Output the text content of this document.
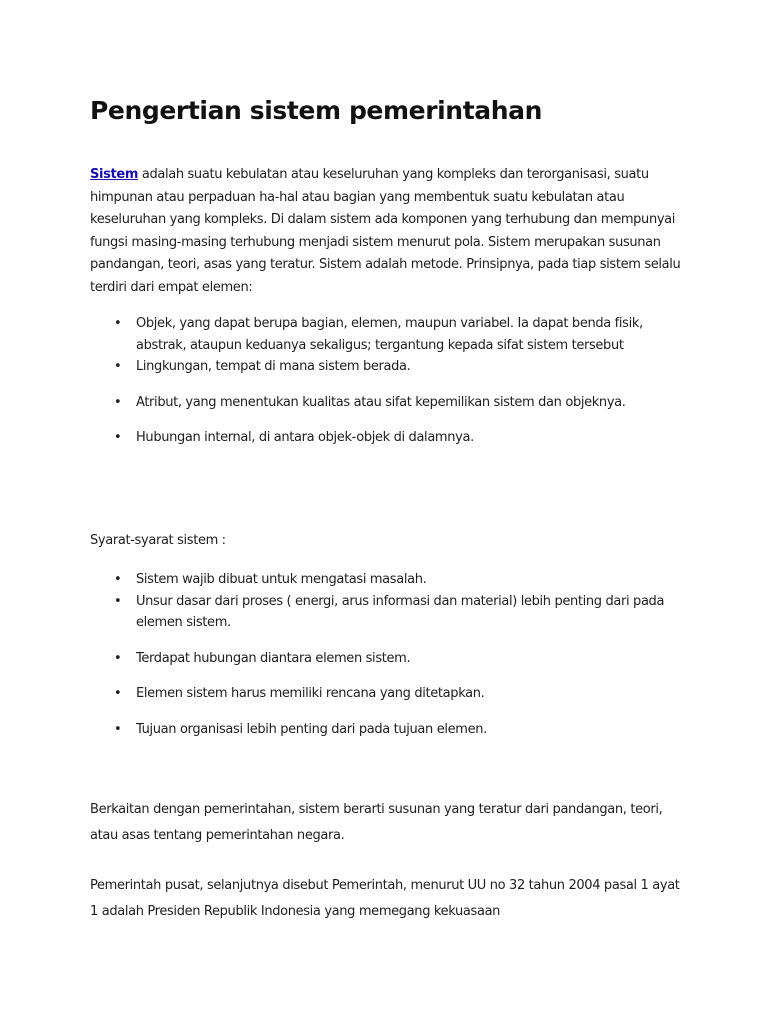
Pengertian sistem pemerintahan

Sistem adalah suatu kebulatan atau keseluruhan yang kompleks dan terorganisasi, suatu himpunan atau perpaduan ha-hal atau bagian yang membentuk suatu kebulatan atau keseluruhan yang kompleks. Di dalam sistem ada komponen yang terhubung dan mempunyai fungsi masing-masing terhubung menjadi sistem menurut pola. Sistem merupakan susunan pandangan, teori, asas yang teratur. Sistem adalah metode. Prinsipnya, pada tiap sistem selalu terdiri dari empat elemen:

• Objek, yang dapat berupa bagian, elemen, maupun variabel. Ia dapat benda fisik, abstrak, ataupun keduanya sekaligus; tergantung kepada sifat sistem tersebut
• Lingkungan, tempat di mana sistem berada.
• Atribut, yang menentukan kualitas atau sifat kepemilikan sistem dan objeknya.
• Hubungan internal, di antara objek-objek di dalamnya.

Syarat-syarat sistem :

• Sistem wajib dibuat untuk mengatasi masalah.
• Unsur dasar dari proses ( energi, arus informasi dan material) lebih penting dari pada elemen sistem.
• Terdapat hubungan diantara elemen sistem.
• Elemen sistem harus memiliki rencana yang ditetapkan.
• Tujuan organisasi lebih penting dari pada tujuan elemen.

Berkaitan dengan pemerintahan, sistem berarti susunan yang teratur dari pandangan, teori, atau asas tentang pemerintahan negara.

Pemerintah pusat, selanjutnya disebut Pemerintah, menurut UU no 32 tahun 2004 pasal 1 ayat 1 adalah Presiden Republik Indonesia yang memegang kekuasaan
